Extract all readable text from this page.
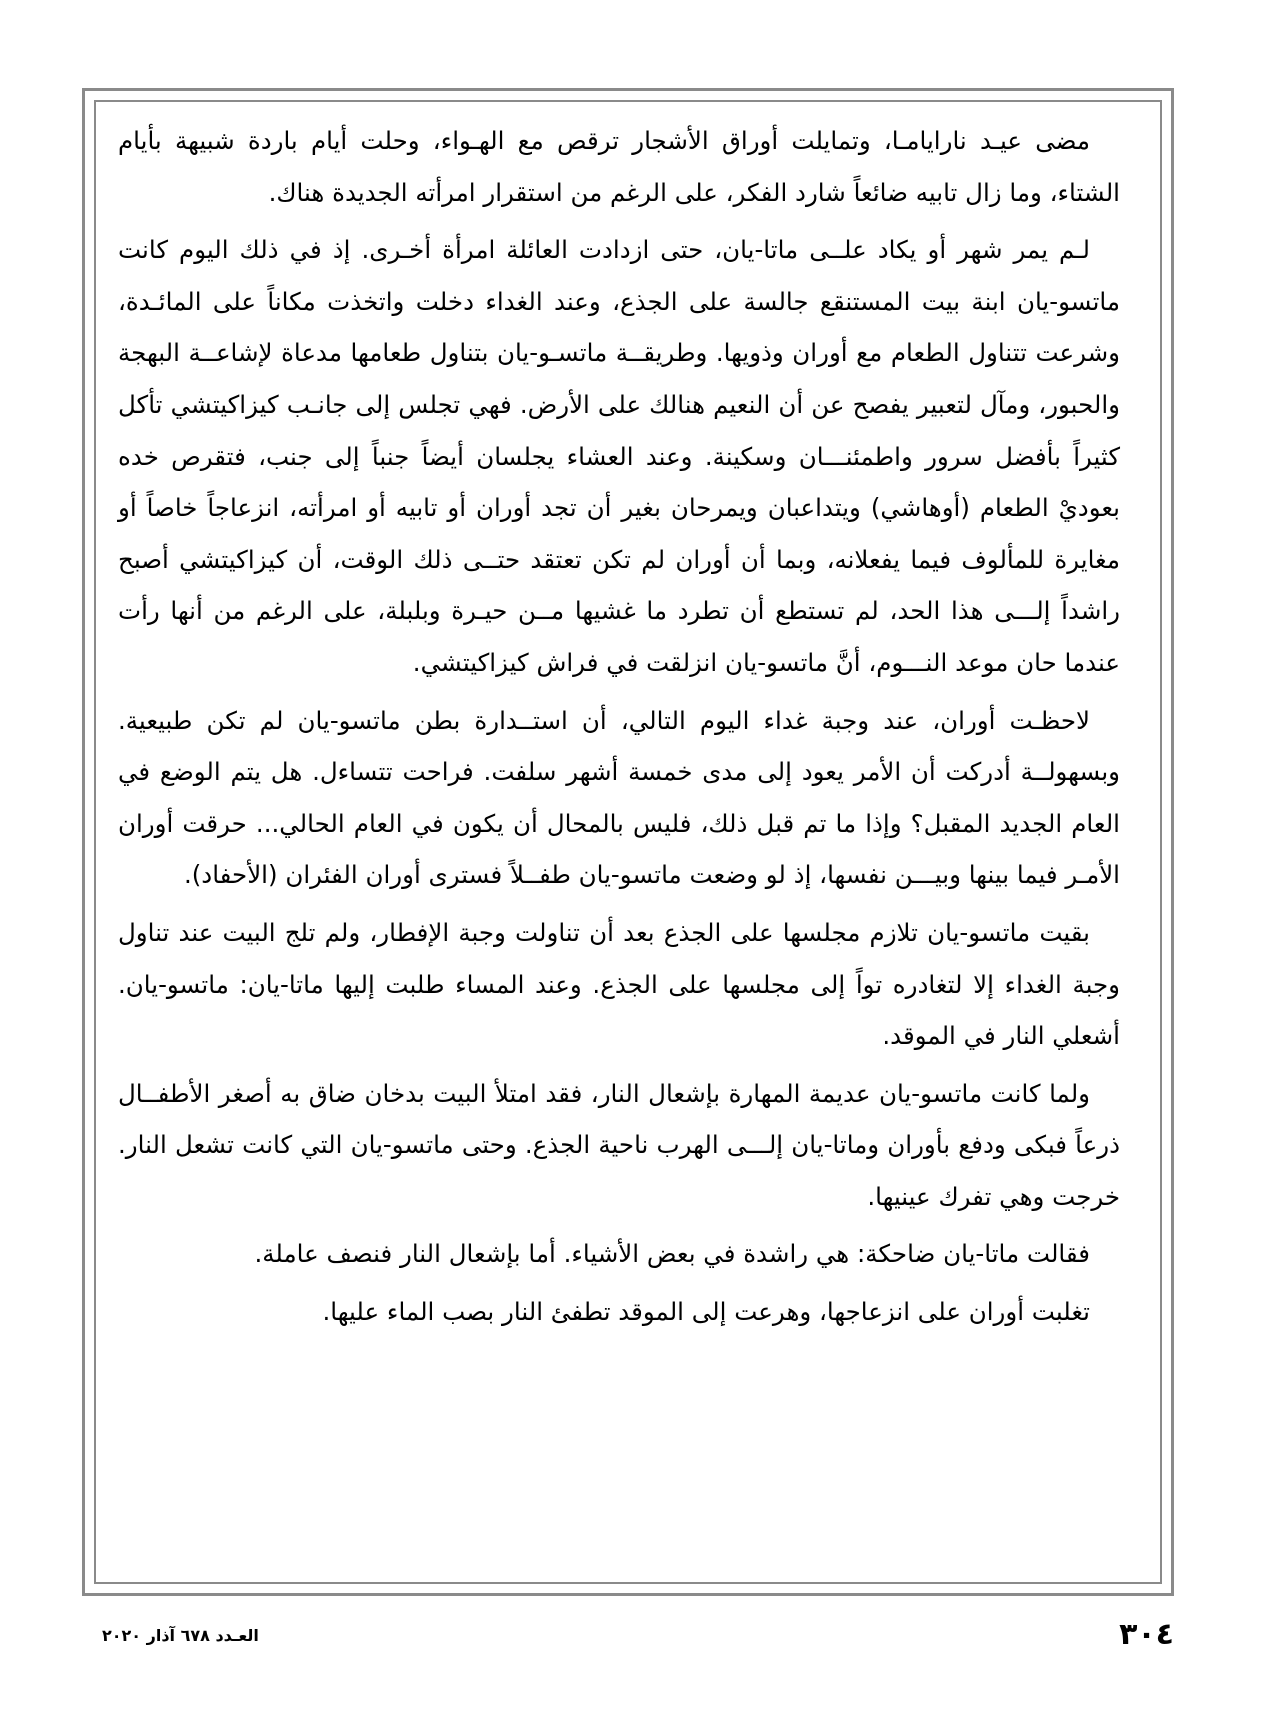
مضى عيـد نارايامـا، وتمايلت أوراق الأشجار ترقص مع الهـواء، وحلت أيام باردة شبيهة بأيام الشتاء، وما زال تابيه ضائعاً شارد الفكر، على الرغم من استقرار امرأته الجديدة هناك.

لـم يمر شهر أو يكاد علــى ماتا-يان، حتى ازدادت العائلة امرأة أخـرى. إذ في ذلك اليوم كانت ماتسو-يان ابنة بيت المستنقع جالسة على الجذع، وعند الغداء دخلت واتخذت مكاناً على المائـدة، وشرعت تتناول الطعام مع أوران وذويها. وطريقــة ماتسـو-يان بتناول طعامها مدعاة لإشاعــة البهجة والحبور، ومآل لتعبير يفصح عن أن النعيم هنالك على الأرض. فهي تجلس إلى جانـب كيزاكيتشي تأكل كثيراً بأفضل سرور واطمئنـــان وسكينة. وعند العشاء يجلسان أيضاً جنباً إلى جنب، فتقرص خده بعوديْ الطعام (أوهاشي) ويتداعبان ويمرحان بغير أن تجد أوران أو تابيه أو امرأته، انزعاجاً خاصاً أو مغايرة للمألوف فيما يفعلانه، وبما أن أوران لم تكن تعتقد حتــى ذلك الوقت، أن كيزاكيتشي أصبح راشداً إلـــى هذا الحد، لم تستطع أن تطرد ما غشيها مــن حيـرة وبلبلة، على الرغم من أنها رأت عندما حان موعد النـــوم، أنَّ ماتسو-يان انزلقت في فراش كيزاكيتشي.

لاحظـت أوران، عند وجبة غداء اليوم التالي، أن استــدارة بطن ماتسو-يان لم تكن طبيعية. وبسهولــة أدركت أن الأمر يعود إلى مدى خمسة أشهر سلفت. فراحت تتساءل. هل يتم الوضع في العام الجديد المقبل؟ وإذا ما تم قبل ذلك، فليس بالمحال أن يكون في العام الحالي... حرقت أوران الأمـر فيما بينها وبيـــن نفسها، إذ لو وضعت ماتسو-يان طفــلاً فسترى أوران الفئران (الأحفاد).

بقيت ماتسو-يان تلازم مجلسها على الجذع بعد أن تناولت وجبة الإفطار، ولم تلج البيت عند تناول وجبة الغداء إلا لتغادره تواً إلى مجلسها على الجذع. وعند المساء طلبت إليها ماتا-يان: ماتسو-يان. أشعلي النار في الموقد.

ولما كانت ماتسو-يان عديمة المهارة بإشعال النار، فقد امتلأ البيت بدخان ضاق به أصغر الأطفــال ذرعاً فبكى ودفع بأوران وماتا-يان إلـــى الهرب ناحية الجذع. وحتى ماتسو-يان التي كانت تشعل النار. خرجت وهي تفرك عينيها.

فقالت ماتا-يان ضاحكة: هي راشدة في بعض الأشياء. أما بإشعال النار فنصف عاملة.

تغلبت أوران على انزعاجها، وهرعت إلى الموقد تطفئ النار بصب الماء عليها.

٣٠٤
العـدد ٦٧٨ آذار ٢٠٢٠
